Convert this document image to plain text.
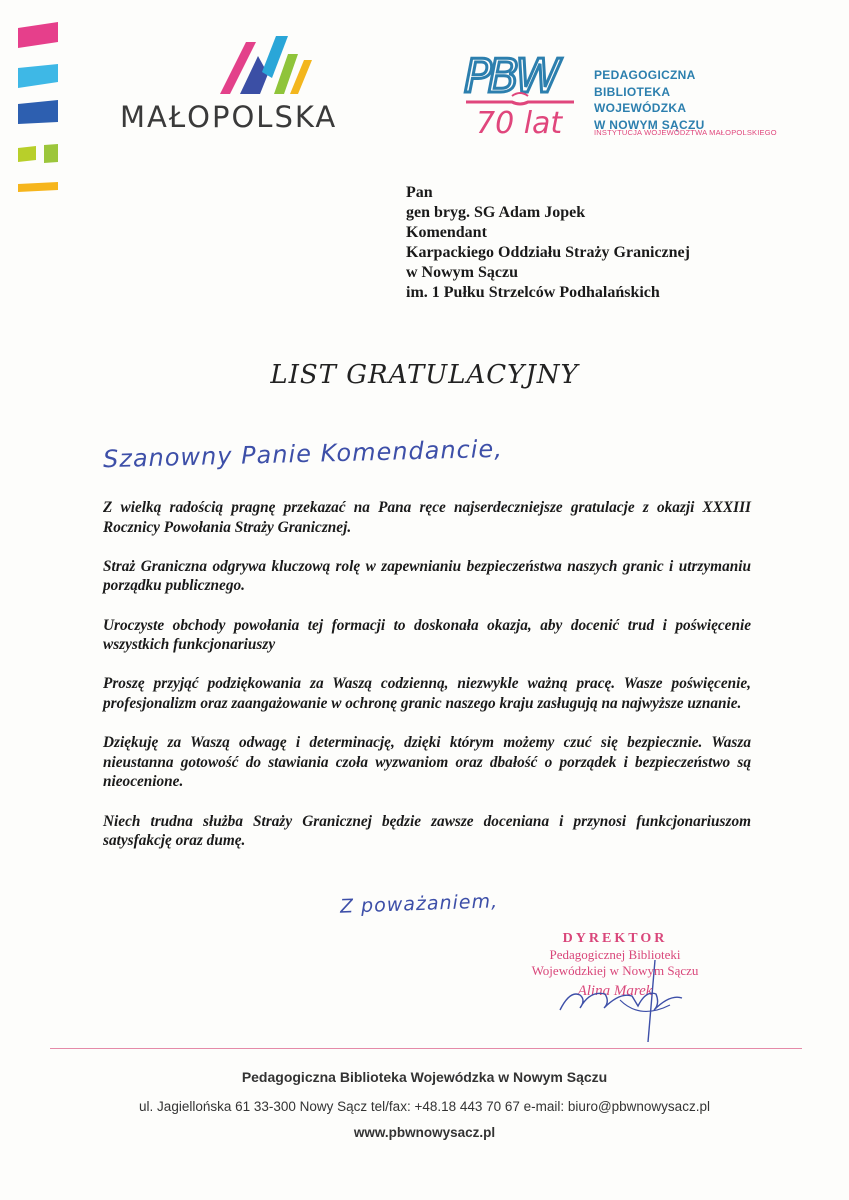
MAŁOPOLSKA
PBW
70 lat
PEDAGOGICZNA BIBLIOTEKA
WOJEWÓDZKA
W NOWYM SĄCZU
INSTYTUCJA WOJEWÓDZTWA MAŁOPOLSKIEGO
Pan
gen bryg. SG Adam Jopek
Komendant
Karpackiego Oddziału Straży Granicznej
w Nowym Sączu
im. 1 Pułku Strzelców Podhalańskich
LIST GRATULACYJNY
Szanowny Panie Komendancie,

Z wielką radością pragnę przekazać na Pana ręce najserdeczniejsze gratulacje z okazji XXXIII Rocznicy Powołania Straży Granicznej.

Straż Graniczna odgrywa kluczową rolę w zapewnianiu bezpieczeństwa naszych granic i utrzymaniu porządku publicznego.

Uroczyste obchody powołania tej formacji to doskonała okazja, aby docenić trud i poświęcenie wszystkich funkcjonariuszy

Proszę przyjąć podziękowania za Waszą codzienną, niezwykle ważną pracę. Wasze poświęcenie, profesjonalizm oraz zaangażowanie w ochronę granic naszego kraju zasługują na najwyższe uznanie.

Dziękuję za Waszą odwagę i determinację, dzięki którym możemy czuć się bezpiecznie. Wasza nieustanna gotowość do stawiania czoła wyzwaniom oraz dbałość o porządek i bezpieczeństwo są nieocenione.

Niech trudna służba Straży Granicznej będzie zawsze doceniana i przynosi funkcjonariuszom satysfakcję oraz dumę.

Z poważaniem,
DYREKTOR
Pedagogicznej Biblioteki
Wojewódzkiej w Nowym Sączu
Alina Marek
Pedagogiczna Biblioteka Wojewódzka w Nowym Sączu
ul. Jagiellońska 61 33-300 Nowy Sącz tel/fax: +48.18 443 70 67 e-mail: biuro@pbwnowysacz.pl
www.pbwnowysacz.pl
